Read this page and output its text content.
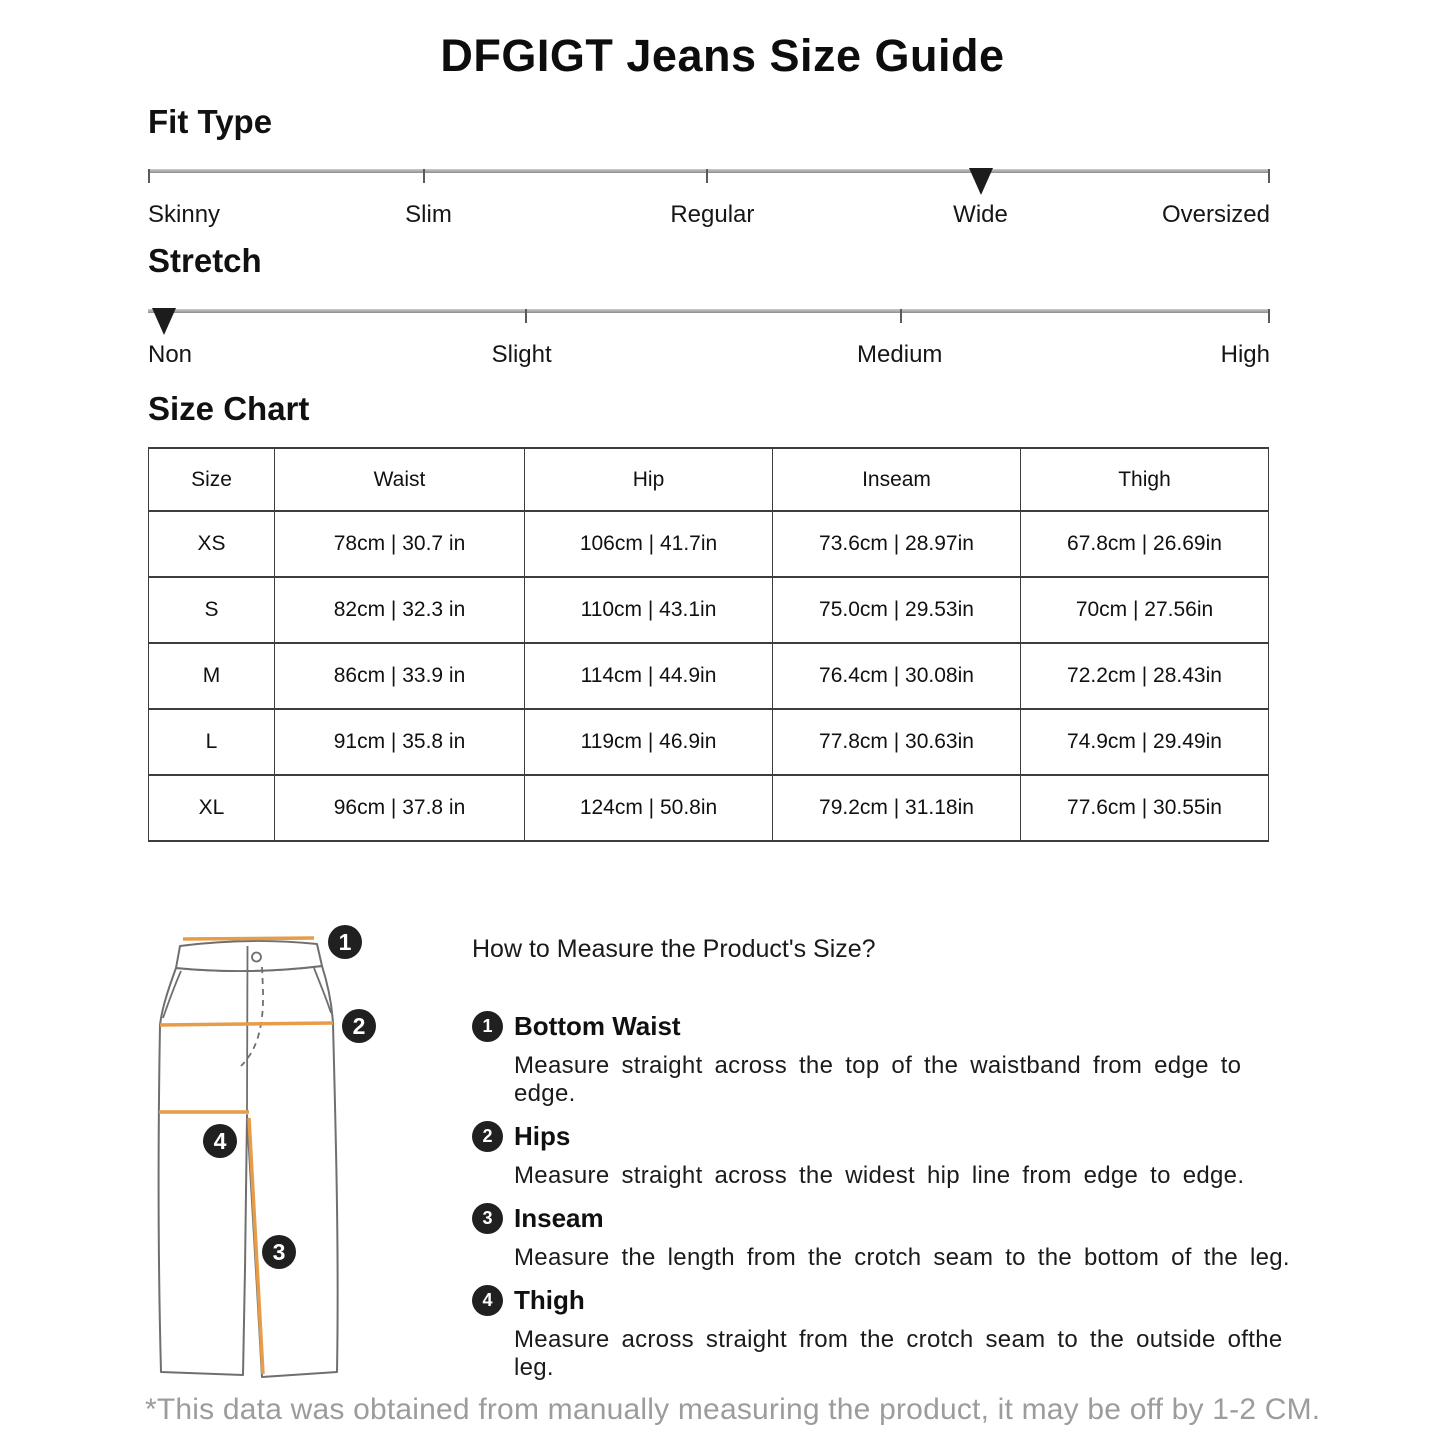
DFGIGT Jeans Size Guide
Fit Type
Skinny	Slim	Regular	Wide	Oversized
Stretch
Non	Slight	Medium	High
Size Chart
Size	Waist	Hip	Inseam	Thigh
XS	78cm | 30.7 in	106cm | 41.7in	73.6cm | 28.97in	67.8cm | 26.69in
S	82cm | 32.3 in	110cm | 43.1in	75.0cm | 29.53in	70cm | 27.56in
M	86cm | 33.9 in	114cm | 44.9in	76.4cm | 30.08in	72.2cm | 28.43in
L	91cm | 35.8 in	119cm | 46.9in	77.8cm | 30.63in	74.9cm | 29.49in
XL	96cm | 37.8 in	124cm | 50.8in	79.2cm | 31.18in	77.6cm | 30.55in
1
2
4
3
How to Measure the Product's Size?
1 Bottom Waist
Measure straight across the top of the waistband from edge to edge.
2 Hips
Measure straight across the widest hip line from edge to edge.
3 Inseam
Measure the length from the crotch seam to the bottom of the leg.
4 Thigh
Measure across straight from the crotch seam to the outside ofthe leg.
*This data was obtained from manually measuring the product, it may be off by 1-2 CM.
